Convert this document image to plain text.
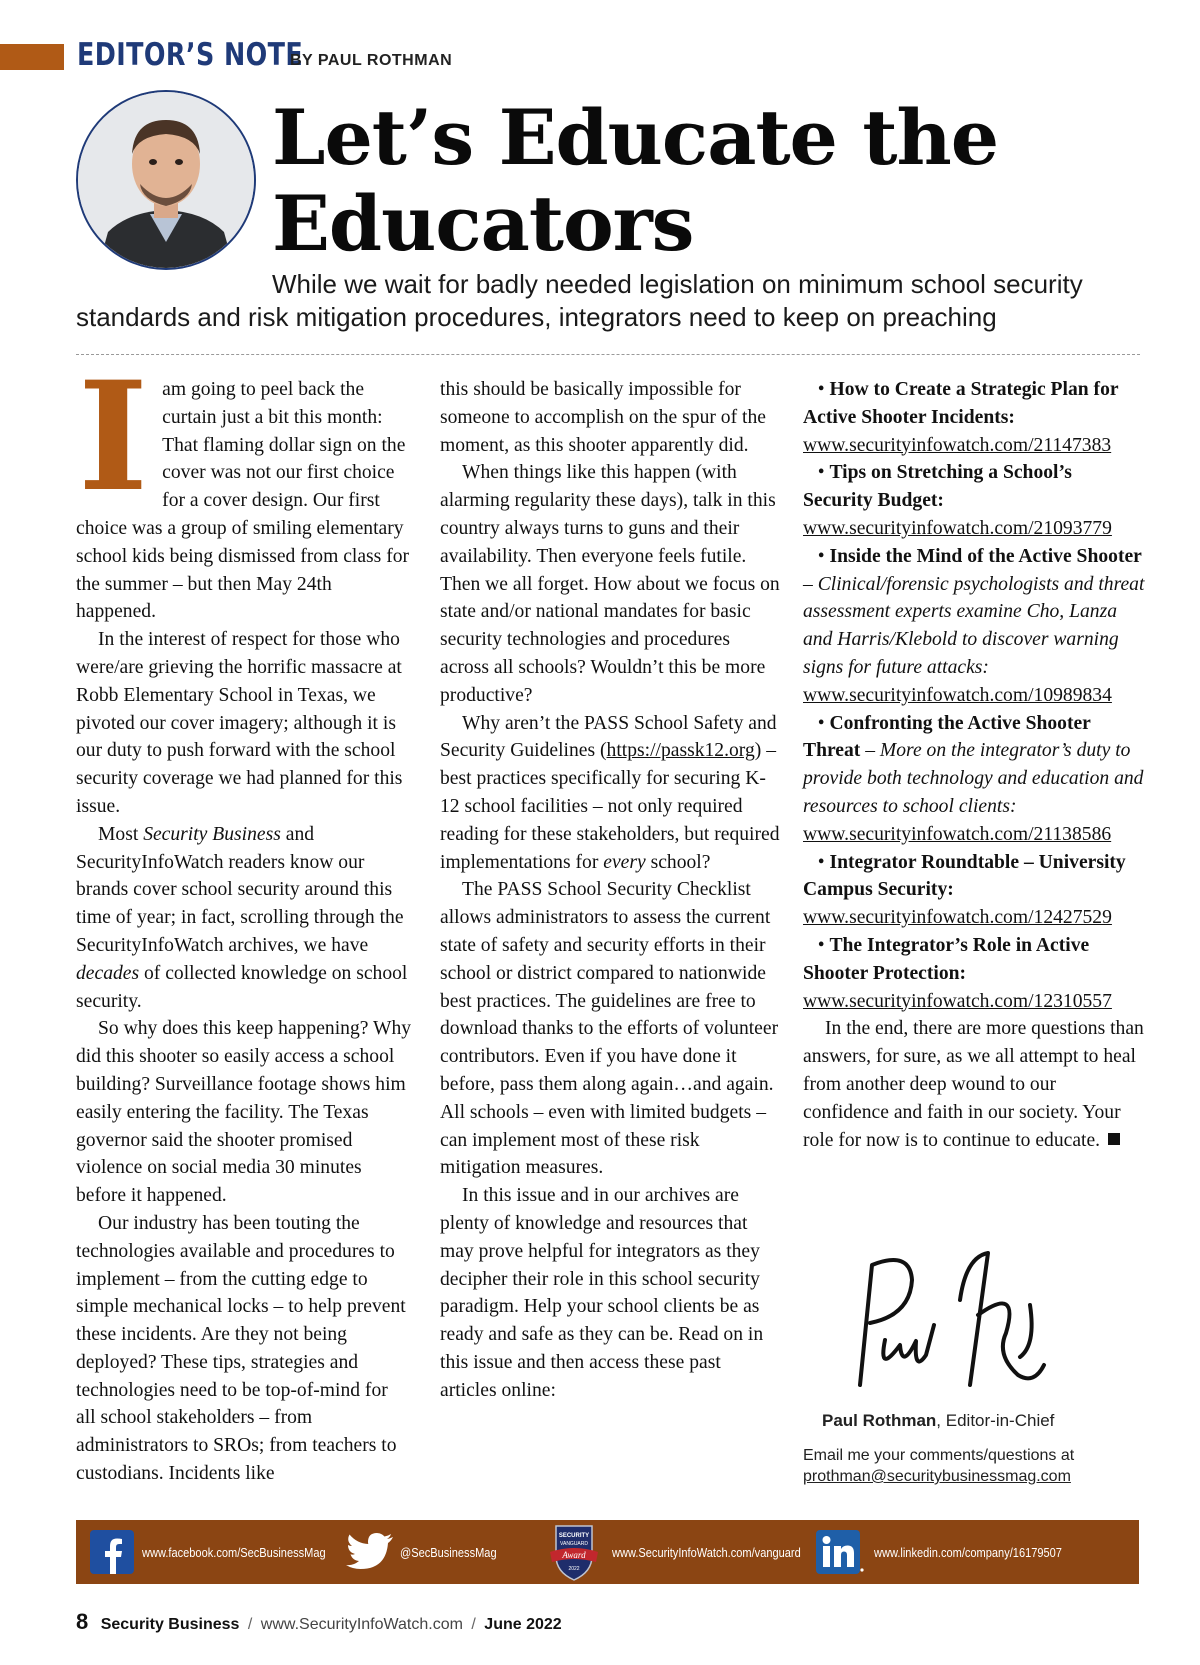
EDITOR’S NOTE
BY PAUL ROTHMAN
Let’s Educate the
Educators
While we wait for badly needed legislation on minimum school security standards and risk mitigation procedures, integrators need to keep on preaching

Iam going to peel back the curtain just a bit this month: That flaming dollar sign on the cover was not our first choice for a cover design. Our first choice was a group of smiling elementary school kids being dismissed from class for the summer – but then May 24th happened.

In the interest of respect for those who were/are grieving the horrific massacre at Robb Elementary School in Texas, we pivoted our cover imagery; although it is our duty to push forward with the school security coverage we had planned for this issue.

Most Security Business and SecurityInfoWatch readers know our brands cover school security around this time of year; in fact, scrolling through the SecurityInfoWatch archives, we have decades of collected knowledge on school security.

So why does this keep happening? Why did this shooter so easily access a school building? Surveillance footage shows him easily entering the facility. The Texas governor said the shooter promised violence on social media 30 minutes before it happened.

Our industry has been touting the technologies available and procedures to implement – from the cutting edge to simple mechanical locks – to help prevent these incidents. Are they not being deployed? These tips, strategies and technologies need to be top-of-mind for all school stakeholders – from administrators to SROs; from teachers to custodians. Incidents like

this should be basically impossible for someone to accomplish on the spur of the moment, as this shooter apparently did.

When things like this happen (with alarming regularity these days), talk in this country always turns to guns and their availability. Then everyone feels futile. Then we all forget. How about we focus on state and/or national mandates for basic security technologies and procedures across all schools? Wouldn’t this be more productive?

Why aren’t the PASS School Safety and Security Guidelines (https://passk12.org) – best practices specifically for securing K-12 school facilities – not only required reading for these stakeholders, but required implementations for every school?

The PASS School Security Checklist allows administrators to assess the current state of safety and security efforts in their school or district compared to nationwide best practices. The guidelines are free to download thanks to the efforts of volunteer contributors. Even if you have done it before, pass them along again…and again. All schools – even with limited budgets – can implement most of these risk mitigation measures.

In this issue and in our archives are plenty of knowledge and resources that may prove helpful for integrators as they decipher their role in this school security paradigm. Help your school clients be as ready and safe as they can be. Read on in this issue and then access these past articles online:

• How to Create a Strategic Plan for Active Shooter Incidents:
www.securityinfowatch.com/21147383

• Tips on Stretching a School’s Security Budget:
www.securityinfowatch.com/21093779

• Inside the Mind of the Active Shooter – Clinical/forensic psychologists and threat assessment experts examine Cho, Lanza and Harris/Klebold to discover warning signs for future attacks:
www.securityinfowatch.com/10989834

• Confronting the Active Shooter Threat – More on the integrator’s duty to provide both technology and education and resources to school clients:
www.securityinfowatch.com/21138586

• Integrator Roundtable – University Campus Security:
www.securityinfowatch.com/12427529

• The Integrator’s Role in Active Shooter Protection:
www.securityinfowatch.com/12310557

In the end, there are more questions than answers, for sure, as we all attempt to heal from another deep wound to our confidence and faith in our society. Your role for now is to continue to educate.

Paul Rothman, Editor-in-Chief
Email me your comments/questions at
prothman@securitybusinessmag.com
www.facebook.com/SecBusinessMag	@SecBusinessMag
SECURITY
VANGUARD
Award
2022
www.SecurityInfoWatch.com/vanguard	www.linkedin.com/company/16179507
8 Security Business / www.SecurityInfoWatch.com / June 2022
